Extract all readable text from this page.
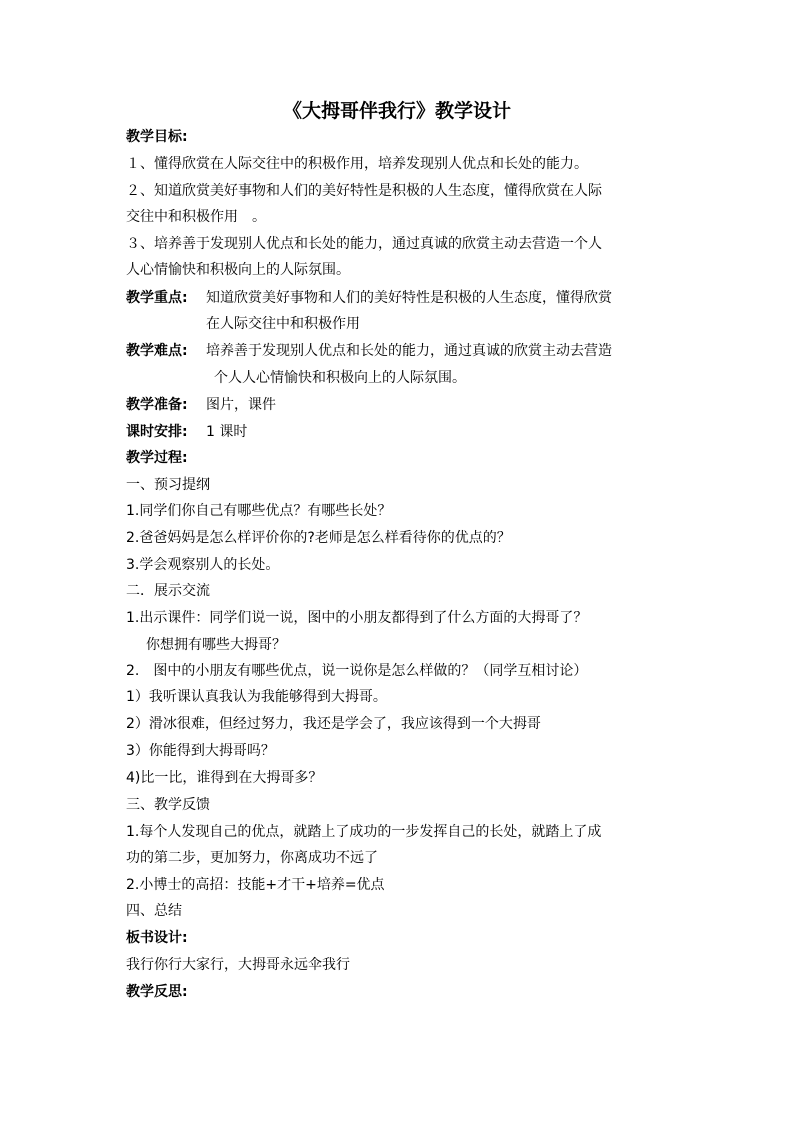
《大拇哥伴我行》教学设计
教学目标:
１、懂得欣赏在人际交往中的积极作用，培养发现别人优点和长处的能力。
２、知道欣赏美好事物和人们的美好特性是积极的人生态度，懂得欣赏在人际
交往中和积极作用　。
３、培养善于发现别人优点和长处的能力，通过真诚的欣赏主动去营造一个人
人心情愉快和积极向上的人际氛围。
教学重点: 知道欣赏美好事物和人们的美好特性是积极的人生态度，懂得欣赏
在人际交往中和积极作用
教学难点: 培养善于发现别人优点和长处的能力，通过真诚的欣赏主动去营造
个人人心情愉快和积极向上的人际氛围。
教学准备: 图片，课件
课时安排: 1 课时
教学过程:
一、预习提纲
1.同学们你自己有哪些优点？有哪些长处？
2.爸爸妈妈是怎么样评价你的?老师是怎么样看待你的优点的？
3.学会观察别人的长处。
二．展示交流
1.出示课件：同学们说一说，图中的小朋友都得到了什么方面的大拇哥了？
你想拥有哪些大拇哥？
2.　图中的小朋友有哪些优点，说一说你是怎么样做的？（同学互相讨论）
1）我听课认真我认为我能够得到大拇哥。
2）滑冰很难，但经过努力，我还是学会了，我应该得到一个大拇哥
3）你能得到大拇哥吗？
4)比一比，谁得到在大拇哥多？
三、教学反馈
1.每个人发现自己的优点，就踏上了成功的一步发挥自己的长处，就踏上了成
功的第二步，更加努力，你离成功不远了
2.小博士的高招：技能+才干+培养=优点
四、总结
板书设计:
我行你行大家行，大拇哥永远伞我行
教学反思:
